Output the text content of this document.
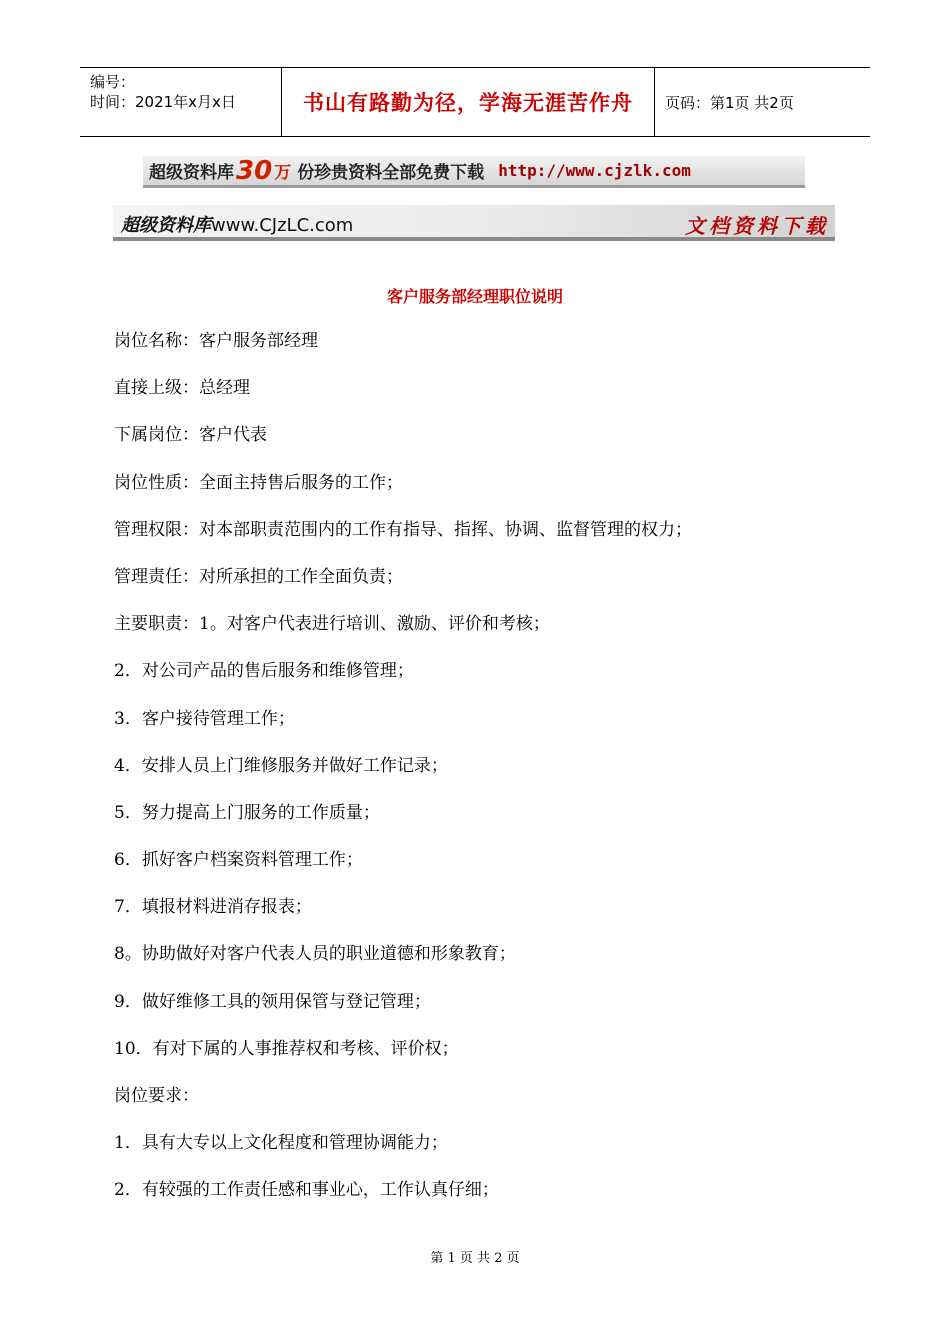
编号：
时间：2021年x月x日	书山有路勤为径，学海无涯苦作舟	页码：第1页 共2页
超级资料库 30 万 份珍贵资料全部免费下载 http://www.cjzlk.com
超级资料库www.CJzLC.com	文档资料下载
客户服务部经理职位说明
岗位名称：客户服务部经理
直接上级：总经理
下属岗位：客户代表
岗位性质：全面主持售后服务的工作；
管理权限：对本部职责范围内的工作有指导、指挥、协调、监督管理的权力；
管理责任：对所承担的工作全面负责；
主要职责：1。对客户代表进行培训、激励、评价和考核；
2．对公司产品的售后服务和维修管理；
3．客户接待管理工作；
4．安排人员上门维修服务并做好工作记录；
5．努力提高上门服务的工作质量；
6．抓好客户档案资料管理工作；
7．填报材料进消存报表；
8。协助做好对客户代表人员的职业道德和形象教育；
9．做好维修工具的领用保管与登记管理；
10．有对下属的人事推荐权和考核、评价权；
岗位要求：
1．具有大专以上文化程度和管理协调能力；
2．有较强的工作责任感和事业心，工作认真仔细；
第 1 页 共 2 页
